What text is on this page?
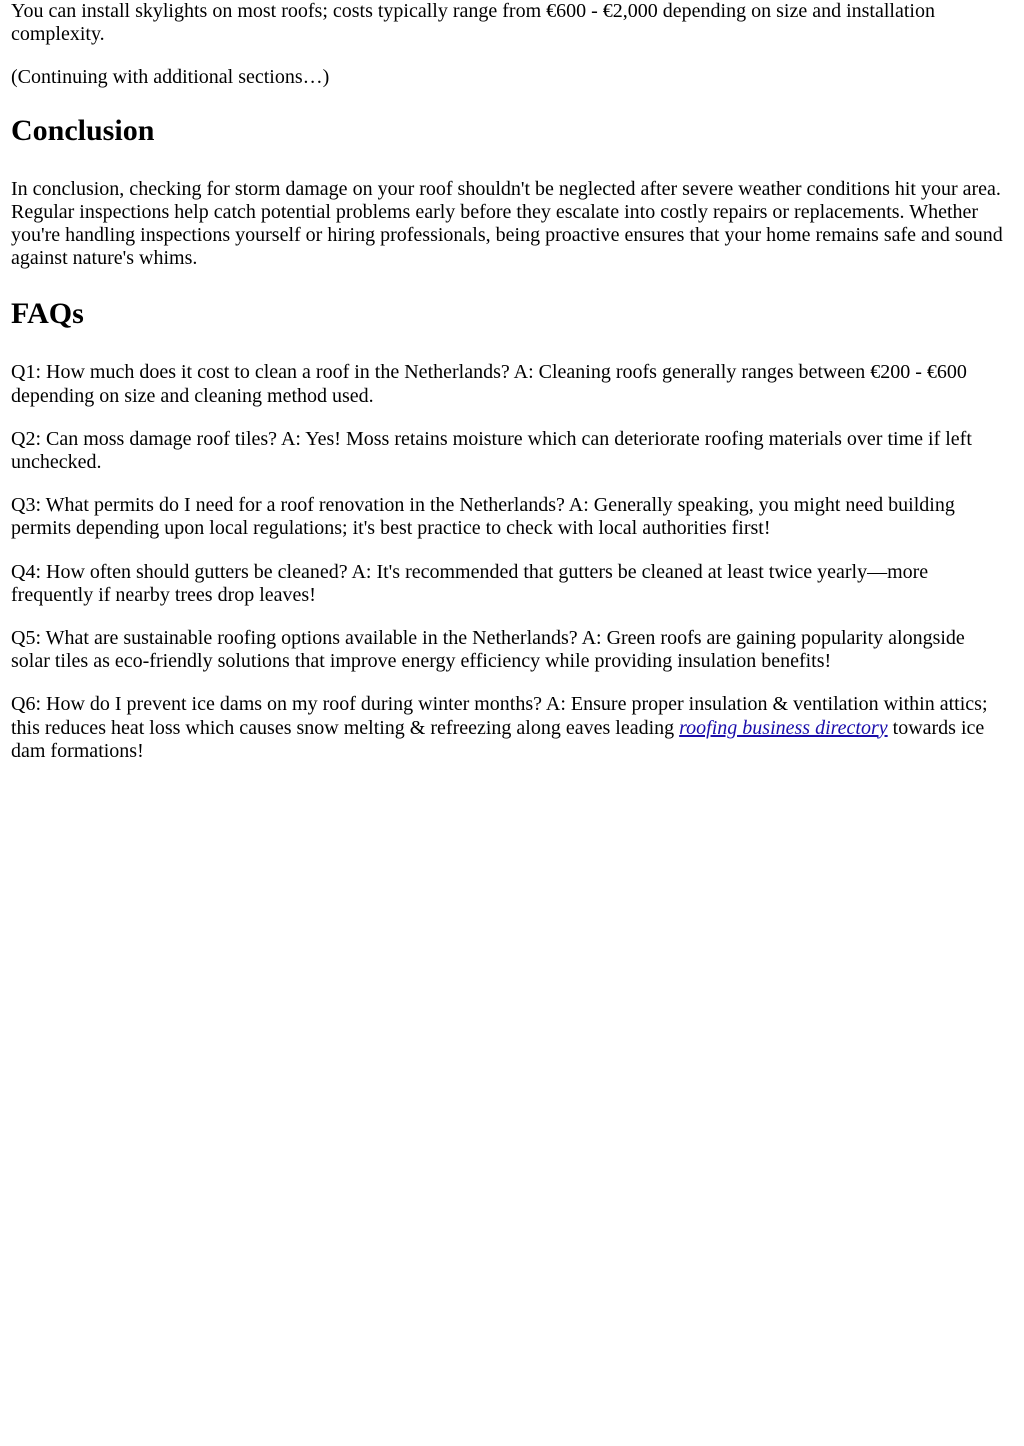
You can install skylights on most roofs; costs typically range from €600 - €2,000 depending on size and installation complexity.

(Continuing with additional sections…)

Conclusion

In conclusion, checking for storm damage on your roof shouldn't be neglected after severe weather conditions hit your area. Regular inspections help catch potential problems early before they escalate into costly repairs or replacements. Whether you're handling inspections yourself or hiring professionals, being proactive ensures that your home remains safe and sound against nature's whims.

FAQs

Q1: How much does it cost to clean a roof in the Netherlands? A: Cleaning roofs generally ranges between €200 - €600 depending on size and cleaning method used.

Q2: Can moss damage roof tiles? A: Yes! Moss retains moisture which can deteriorate roofing materials over time if left unchecked.

Q3: What permits do I need for a roof renovation in the Netherlands? A: Generally speaking, you might need building permits depending upon local regulations; it's best practice to check with local authorities first!

Q4: How often should gutters be cleaned? A: It's recommended that gutters be cleaned at least twice yearly—more frequently if nearby trees drop leaves!

Q5: What are sustainable roofing options available in the Netherlands? A: Green roofs are gaining popularity alongside solar tiles as eco-friendly solutions that improve energy efficiency while providing insulation benefits!

Q6: How do I prevent ice dams on my roof during winter months? A: Ensure proper insulation & ventilation within attics; this reduces heat loss which causes snow melting & refreezing along eaves leading roofing business directory towards ice dam formations!
